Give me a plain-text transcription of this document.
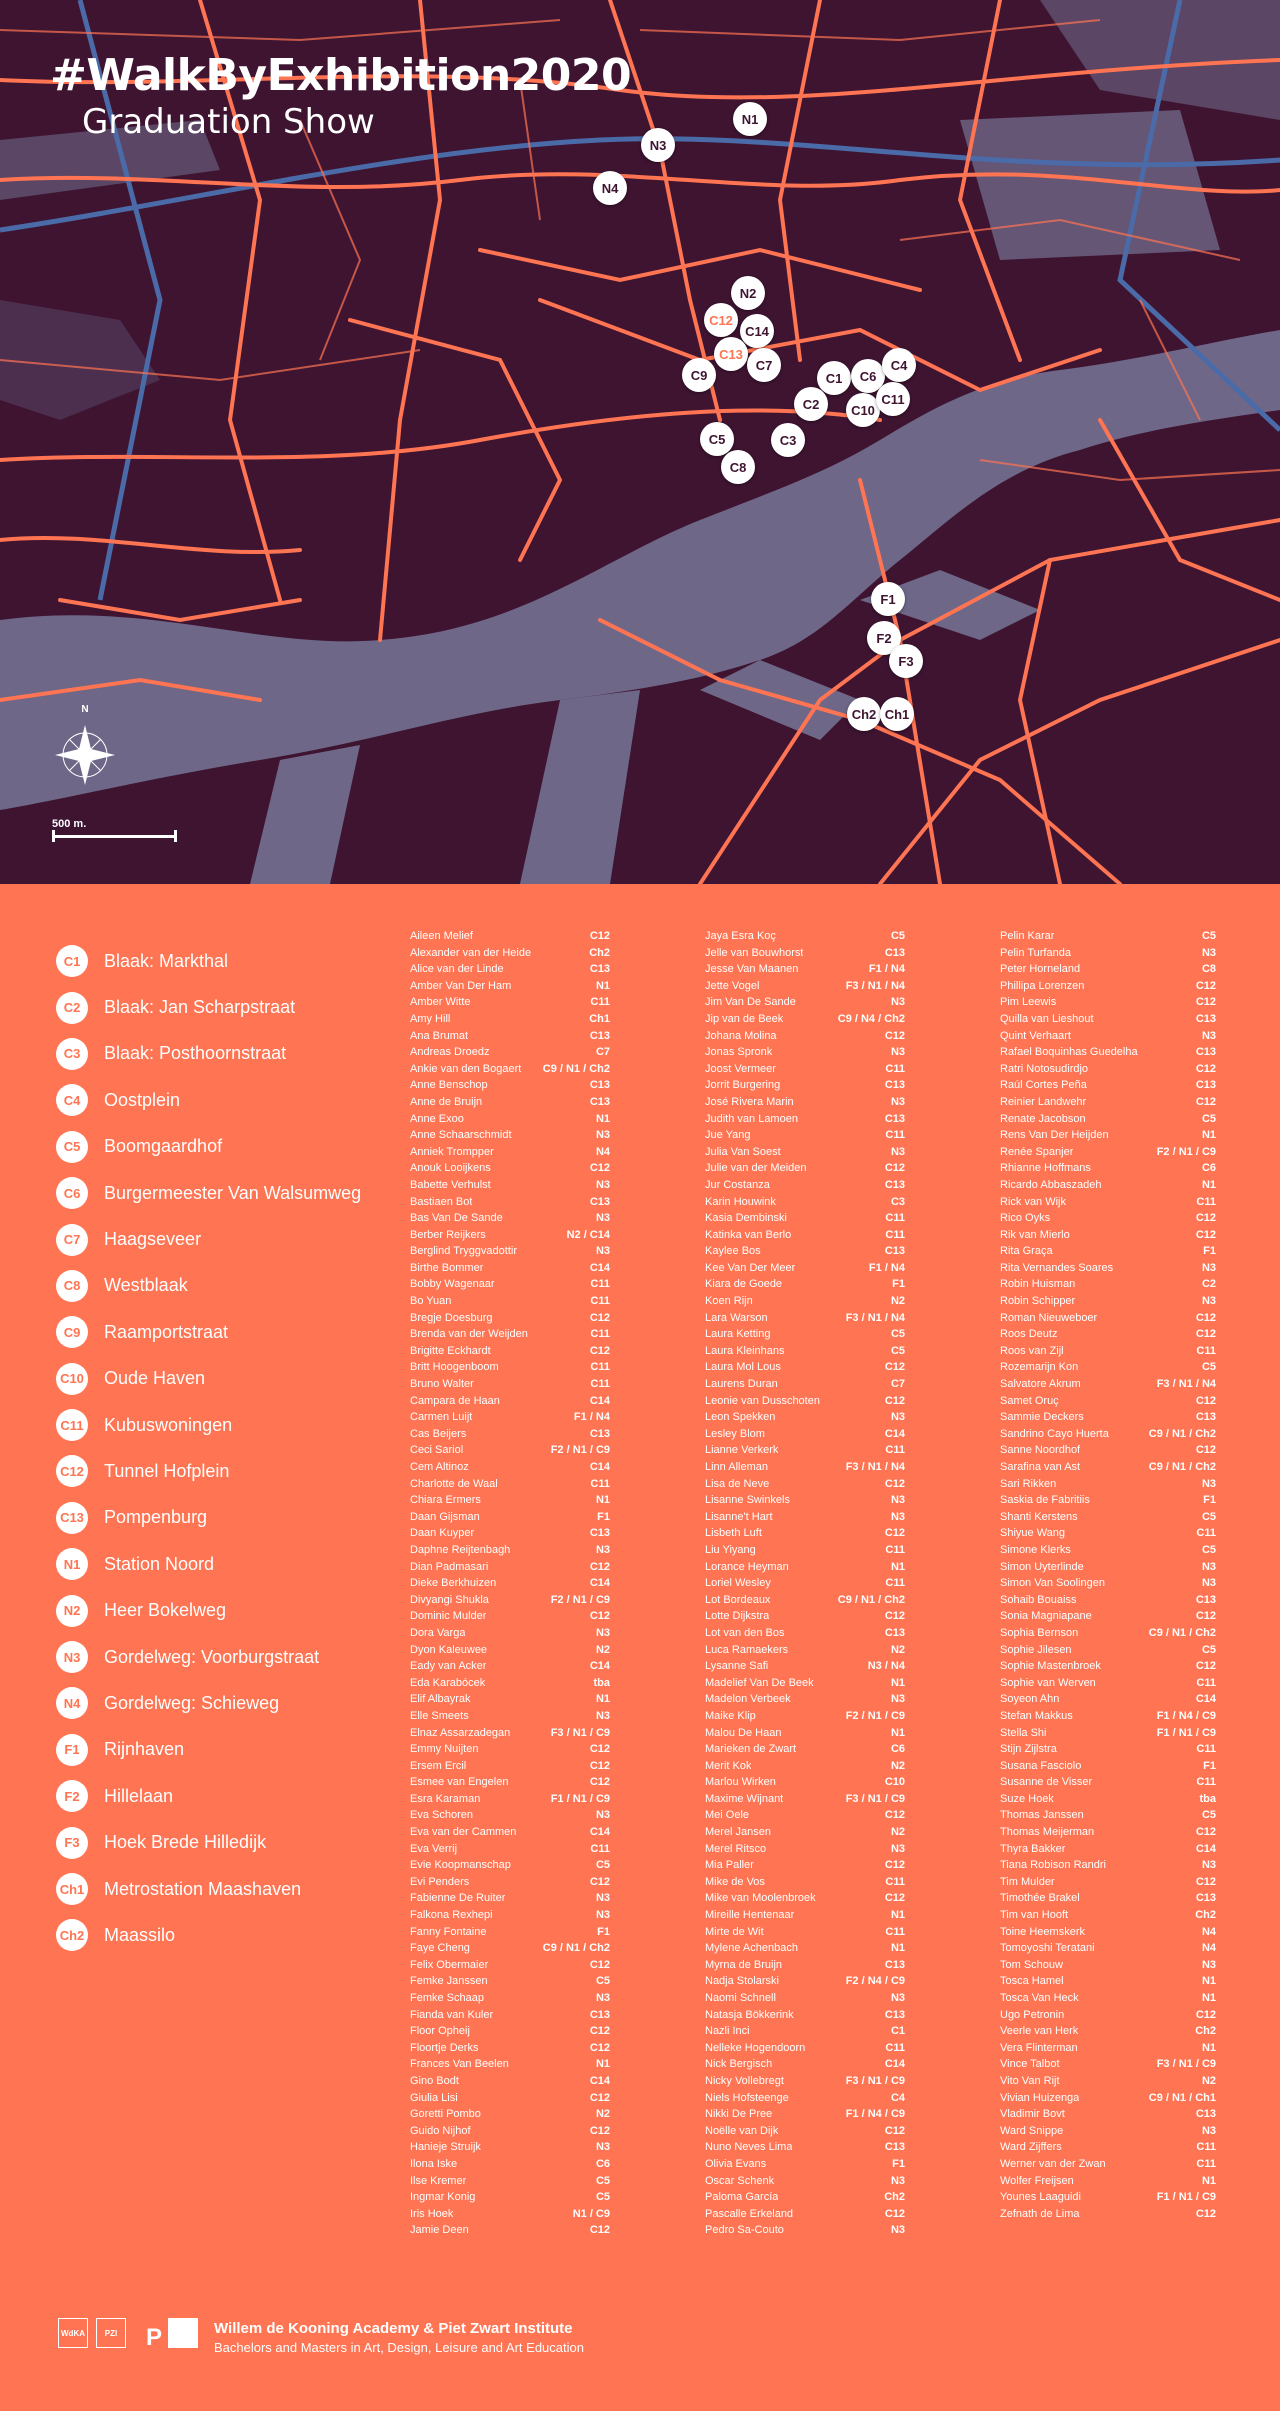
#WalkByExhibition2020
Graduation Show	N1
N3
N4
N2
C12
C14
C13
C7
C9	C1	C6
C4
C2	C10
C11
C5	C3
C8
F1
F2
F3
Ch2 Ch1
N
500 m.
C1	Blaak: Markthal
C2	Blaak: Jan Scharpstraat
C3	Blaak: Posthoornstraat
C4	Oostplein
C5	Boomgaardhof
C6	Burgermeester Van Walsumweg
C7	Haagseveer
C8	Westblaak
C9	Raamportstraat
C10 Oude Haven
C11 Kubuswoningen
C12 Tunnel Hofplein
C13 Pompenburg
N1	Station Noord
N2	Heer Bokelweg
N3	Gordelweg: Voorburgstraat
N4	Gordelweg: Schieweg
F1	Rijnhaven
F2	Hillelaan
F3	Hoek Brede Hilledijk
Ch1 Metrostation Maashaven
Ch2 Maassilo
Aileen Melief	C12
Alexander van der Heide	Ch2
Alice van der Linde	C13
Amber Van Der Ham	N1
Amber Witte	C11
Amy Hill	Ch1
Ana Brumat	C13
Andreas Droedz	C7
Ankie van den Bogaert C9 / N1 / Ch2
Anne Benschop	C13
Anne de Bruijn	C13
Anne Exoo	N1
Anne Schaarschmidt	N3
Anniek Trompper	N4
Anouk Looijkens	C12
Babette Verhulst	N3
Bastiaen Bot	C13
Bas Van De Sande	N3
Berber Reijkers	N2 / C14
Berglind Tryggvadottir	N3
Birthe Bommer	C14
Bobby Wagenaar	C11
Bo Yuan	C11
Bregje Doesburg	C12
Brenda van der Weijden	C11
Brigitte Eckhardt	C12
Britt Hoogenboom	C11
Bruno Walter	C11
Campara de Haan	C14
Carmen Luijt	F1 / N4
Cas Beijers	C13
Ceci Sariol	F2 / N1 / C9
Cem Altinoz	C14
Charlotte de Waal	C11
Chiara Ermers	N1
Daan Gijsman	F1
Daan Kuyper	C13
Daphne Reijtenbagh	N3
Dian Padmasari	C12
Dieke Berkhuizen	C14
Divyangi Shukla	F2 / N1 / C9
Dominic Mulder	C12
Dora Varga	N3
Dyon Kaleuwee	N2
Eady van Acker	C14
Eda Karabócek	tba
Elif Albayrak	N1
Elle Smeets	N3
Elnaz Assarzadegan	F3 / N1 / C9
Emmy Nuijten	C12
Ersem Ercil	C12
Esmee van Engelen	C12
Esra Karaman	F1 / N1 / C9
Eva Schoren	N3
Eva van der Cammen	C14
Eva Verrij	C11
Evie Koopmanschap	C5
Evi Penders	C12
Fabienne De Ruiter	N3
Falkona Rexhepi	N3
Fanny Fontaine	F1
Faye Cheng	C9 / N1 / Ch2
Felix Obermaier	C12
Femke Janssen	C5
Femke Schaap	N3
Fianda van Kuler	C13
Floor Opheij	C12
Floortje Derks	C12
Frances Van Beelen	N1
Gino Bodt	C14
Giulia Lisi	C12
Goretti Pombo	N2
Guido Nijhof	C12
Hanieje Struijk	N3
Ilona Iske	C6
Ilse Kremer	C5
Ingmar Konig	C5
Iris Hoek	N1 / C9
Jamie Deen	C12
Jaya Esra Koç	C5
Jelle van Bouwhorst	C13
Jesse Van Maanen	F1 / N4
Jette Vogel	F3 / N1 / N4
Jim Van De Sande	N3
Jip van de Beek	C9 / N4 / Ch2
Johana Molina	C12
Jonas Spronk	N3
Joost Vermeer	C11
Jorrit Burgering	C13
José Rivera Marin	N3
Judith van Lamoen	C13
Jue Yang	C11
Julia Van Soest	N3
Julie van der Meiden	C12
Jur Costanza	C13
Karin Houwink	C3
Kasia Dembinski	C11
Katinka van Berlo	C11
Kaylee Bos	C13
Kee Van Der Meer	F1 / N4
Kiara de Goede	F1
Koen Rijn	N2
Lara Warson	F3 / N1 / N4
Laura Ketting	C5
Laura Kleinhans	C5
Laura Mol Lous	C12
Laurens Duran	C7
Leonie van Dusschoten	C12
Leon Spekken	N3
Lesley Blom	C14
Lianne Verkerk	C11
Linn Alleman	F3 / N1 / N4
Lisa de Neve	C12
Lisanne Swinkels	N3
Lisanne't Hart	N3
Lisbeth Luft	C12
Liu Yiyang	C11
Lorance Heyman	N1
Loriel Wesley	C11
Lot Bordeaux	C9 / N1 / Ch2
Lotte Dijkstra	C12
Lot van den Bos	C13
Luca Ramaekers	N2
Lysanne Safi	N3 / N4
Madelief Van De Beek	N1
Madelon Verbeek	N3
Maike Klip	F2 / N1 / C9
Malou De Haan	N1
Marieken de Zwart	C6
Merit Kok	N2
Marlou Wirken	C10
Maxime Wijnant	F3 / N1 / C9
Mei Oele	C12
Merel Jansen	N2
Merel Ritsco	N3
Mia Paller	C12
Mike de Vos	C11
Mike van Moolenbroek	C12
Mireille Hentenaar	N1
Mirte de Wit	C11
Mylene Achenbach	N1
Myrna de Bruijn	C13
Nadja Stolarski	F2 / N4 / C9
Naomi Schnell	N3
Natasja Bökkerink	C13
Nazli Inci	C1
Nelleke Hogendoorn	C11
Nick Bergisch	C14
Nicky Vollebregt	F3 / N1 / C9
Niels Hofsteenge	C4
Nikki De Pree	F1 / N4 / C9
Noëlle van Dijk	C12
Nuno Neves Lima	C13
Olivia Evans	F1
Oscar Schenk	N3
Paloma García	Ch2
Pascalle Erkeland	C12
Pedro Sa-Couto	N3
Pelin Karar	C5
Pelin Turfanda	N3
Peter Horneland	C8
Phillipa Lorenzen	C12
Pim Leewis	C12
Quilla van Lieshout	C13
Quint Verhaart	N3
Rafael Boquinhas Guedelha	C13
Ratri Notosudirdjo	C12
Raúl Cortes Peña	C13
Reinier Landwehr	C12
Renate Jacobson	C5
Rens Van Der Heijden	N1
Renée Spanjer	F2 / N1 / C9
Rhianne Hoffmans	C6
Ricardo Abbaszadeh	N1
Rick van Wijk	C11
Rico Oyks	C12
Rik van Mierlo	C12
Rita Graça	F1
Rita Vernandes Soares	N3
Robin Huisman	C2
Robin Schipper	N3
Roman Nieuweboer	C12
Roos Deutz	C12
Roos van Zijl	C11
Rozemarijn Kon	C5
Salvatore Akrum	F3 / N1 / N4
Samet Oruç	C12
Sammie Deckers	C13
Sandrino Cayo Huerta	C9 / N1 / Ch2
Sanne Noordhof	C12
Sarafina van Ast	C9 / N1 / Ch2
Sari Rikken	N3
Saskia de Fabritiis	F1
Shanti Kerstens	C5
Shiyue Wang	C11
Simone Klerks	C5
Simon Uyterlinde	N3
Simon Van Soolingen	N3
Sohaib Bouaiss	C13
Sonia Magniapane	C12
Sophia Bernson	C9 / N1 / Ch2
Sophie Jilesen	C5
Sophie Mastenbroek	C12
Sophie van Werven	C11
Soyeon Ahn	C14
Stefan Makkus	F1 / N4 / C9
Stella Shi	F1 / N1 / C9
Stijn Zijlstra	C11
Susana Fasciolo	F1
Susanne de Visser	C11
Suze Hoek	tba
Thomas Janssen	C5
Thomas Meijerman	C12
Thyra Bakker	C14
Tiana Robison Randri	N3
Tim Mulder	C12
Timothée Brakel	C13
Tim van Hooft	Ch2
Toine Heemskerk	N4
Tomoyoshi Teratani	N4
Tom Schouw	N3
Tosca Hamel	N1
Tosca Van Heck	N1
Ugo Petronin	C12
Veerle van Herk	Ch2
Vera Flinterman	N1
Vince Talbot	F3 / N1 / C9
Vito Van Rijt	N2
Vivian Huizenga	C9 / N1 / Ch1
Vladimir Bovt	C13
Ward Snippe	N3
Ward Zijffers	C11
Werner van der Zwan	C11
Wolfer Freijsen	N1
Younes Laaguidi	F1 / N1 / C9
Zefnath de Lima	C12
WdKA	PZI	P	Willem de Kooning Academy & Piet Zwart Institute
Bachelors and Masters in Art, Design, Leisure and Art Education
